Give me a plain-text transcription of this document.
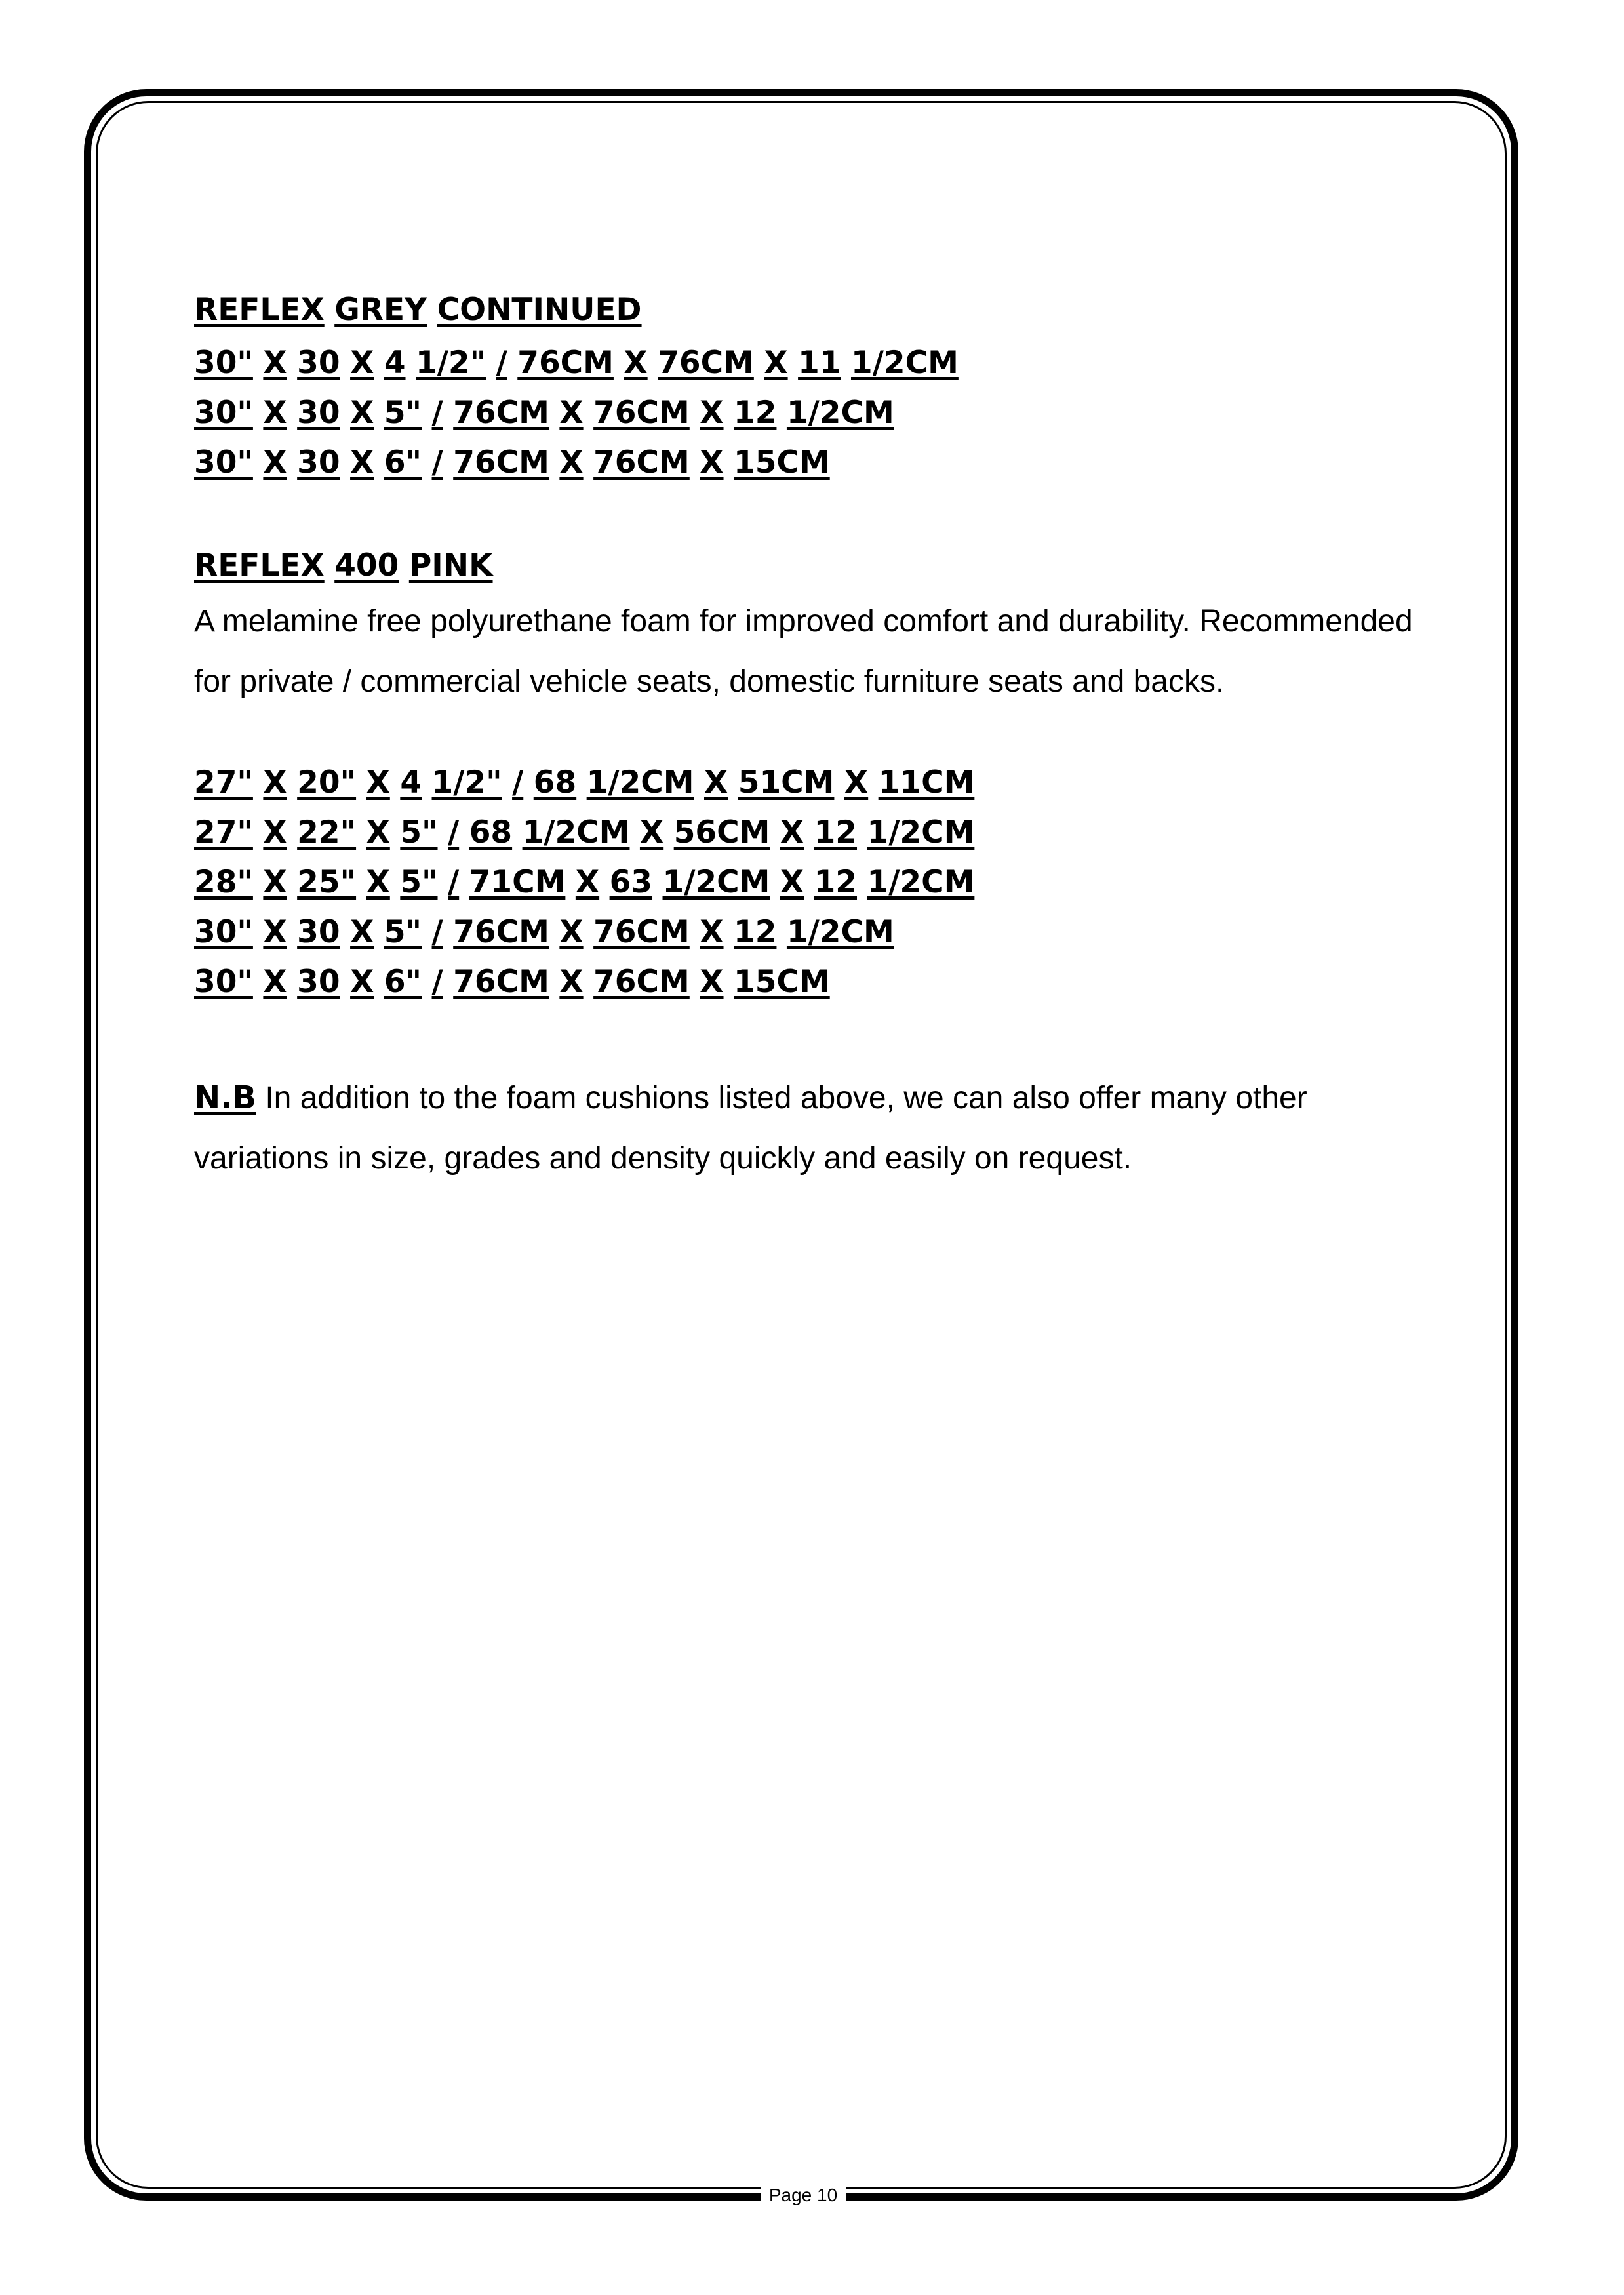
REFLEX GREY CONTINUED

30" X 30 X 4 1/2" / 76CM X 76CM X 11 1/2CM

30" X 30 X 5" / 76CM X 76CM X 12 1/2CM

30" X 30 X 6" / 76CM X 76CM X 15CM

REFLEX 400 PINK

A melamine free polyurethane foam for improved comfort and durability. Recommended

for private / commercial vehicle seats, domestic furniture seats and backs.

27" X 20" X 4 1/2" / 68 1/2CM X 51CM X 11CM

27" X 22" X 5" / 68 1/2CM X 56CM X 12 1/2CM

28" X 25" X 5" / 71CM X 63 1/2CM X 12 1/2CM

30" X 30 X 5" / 76CM X 76CM X 12 1/2CM

30" X 30 X 6" / 76CM X 76CM X 15CM

N.B In addition to the foam cushions listed above, we can also offer many other

variations in size, grades and density quickly and easily on request.

Page 10
